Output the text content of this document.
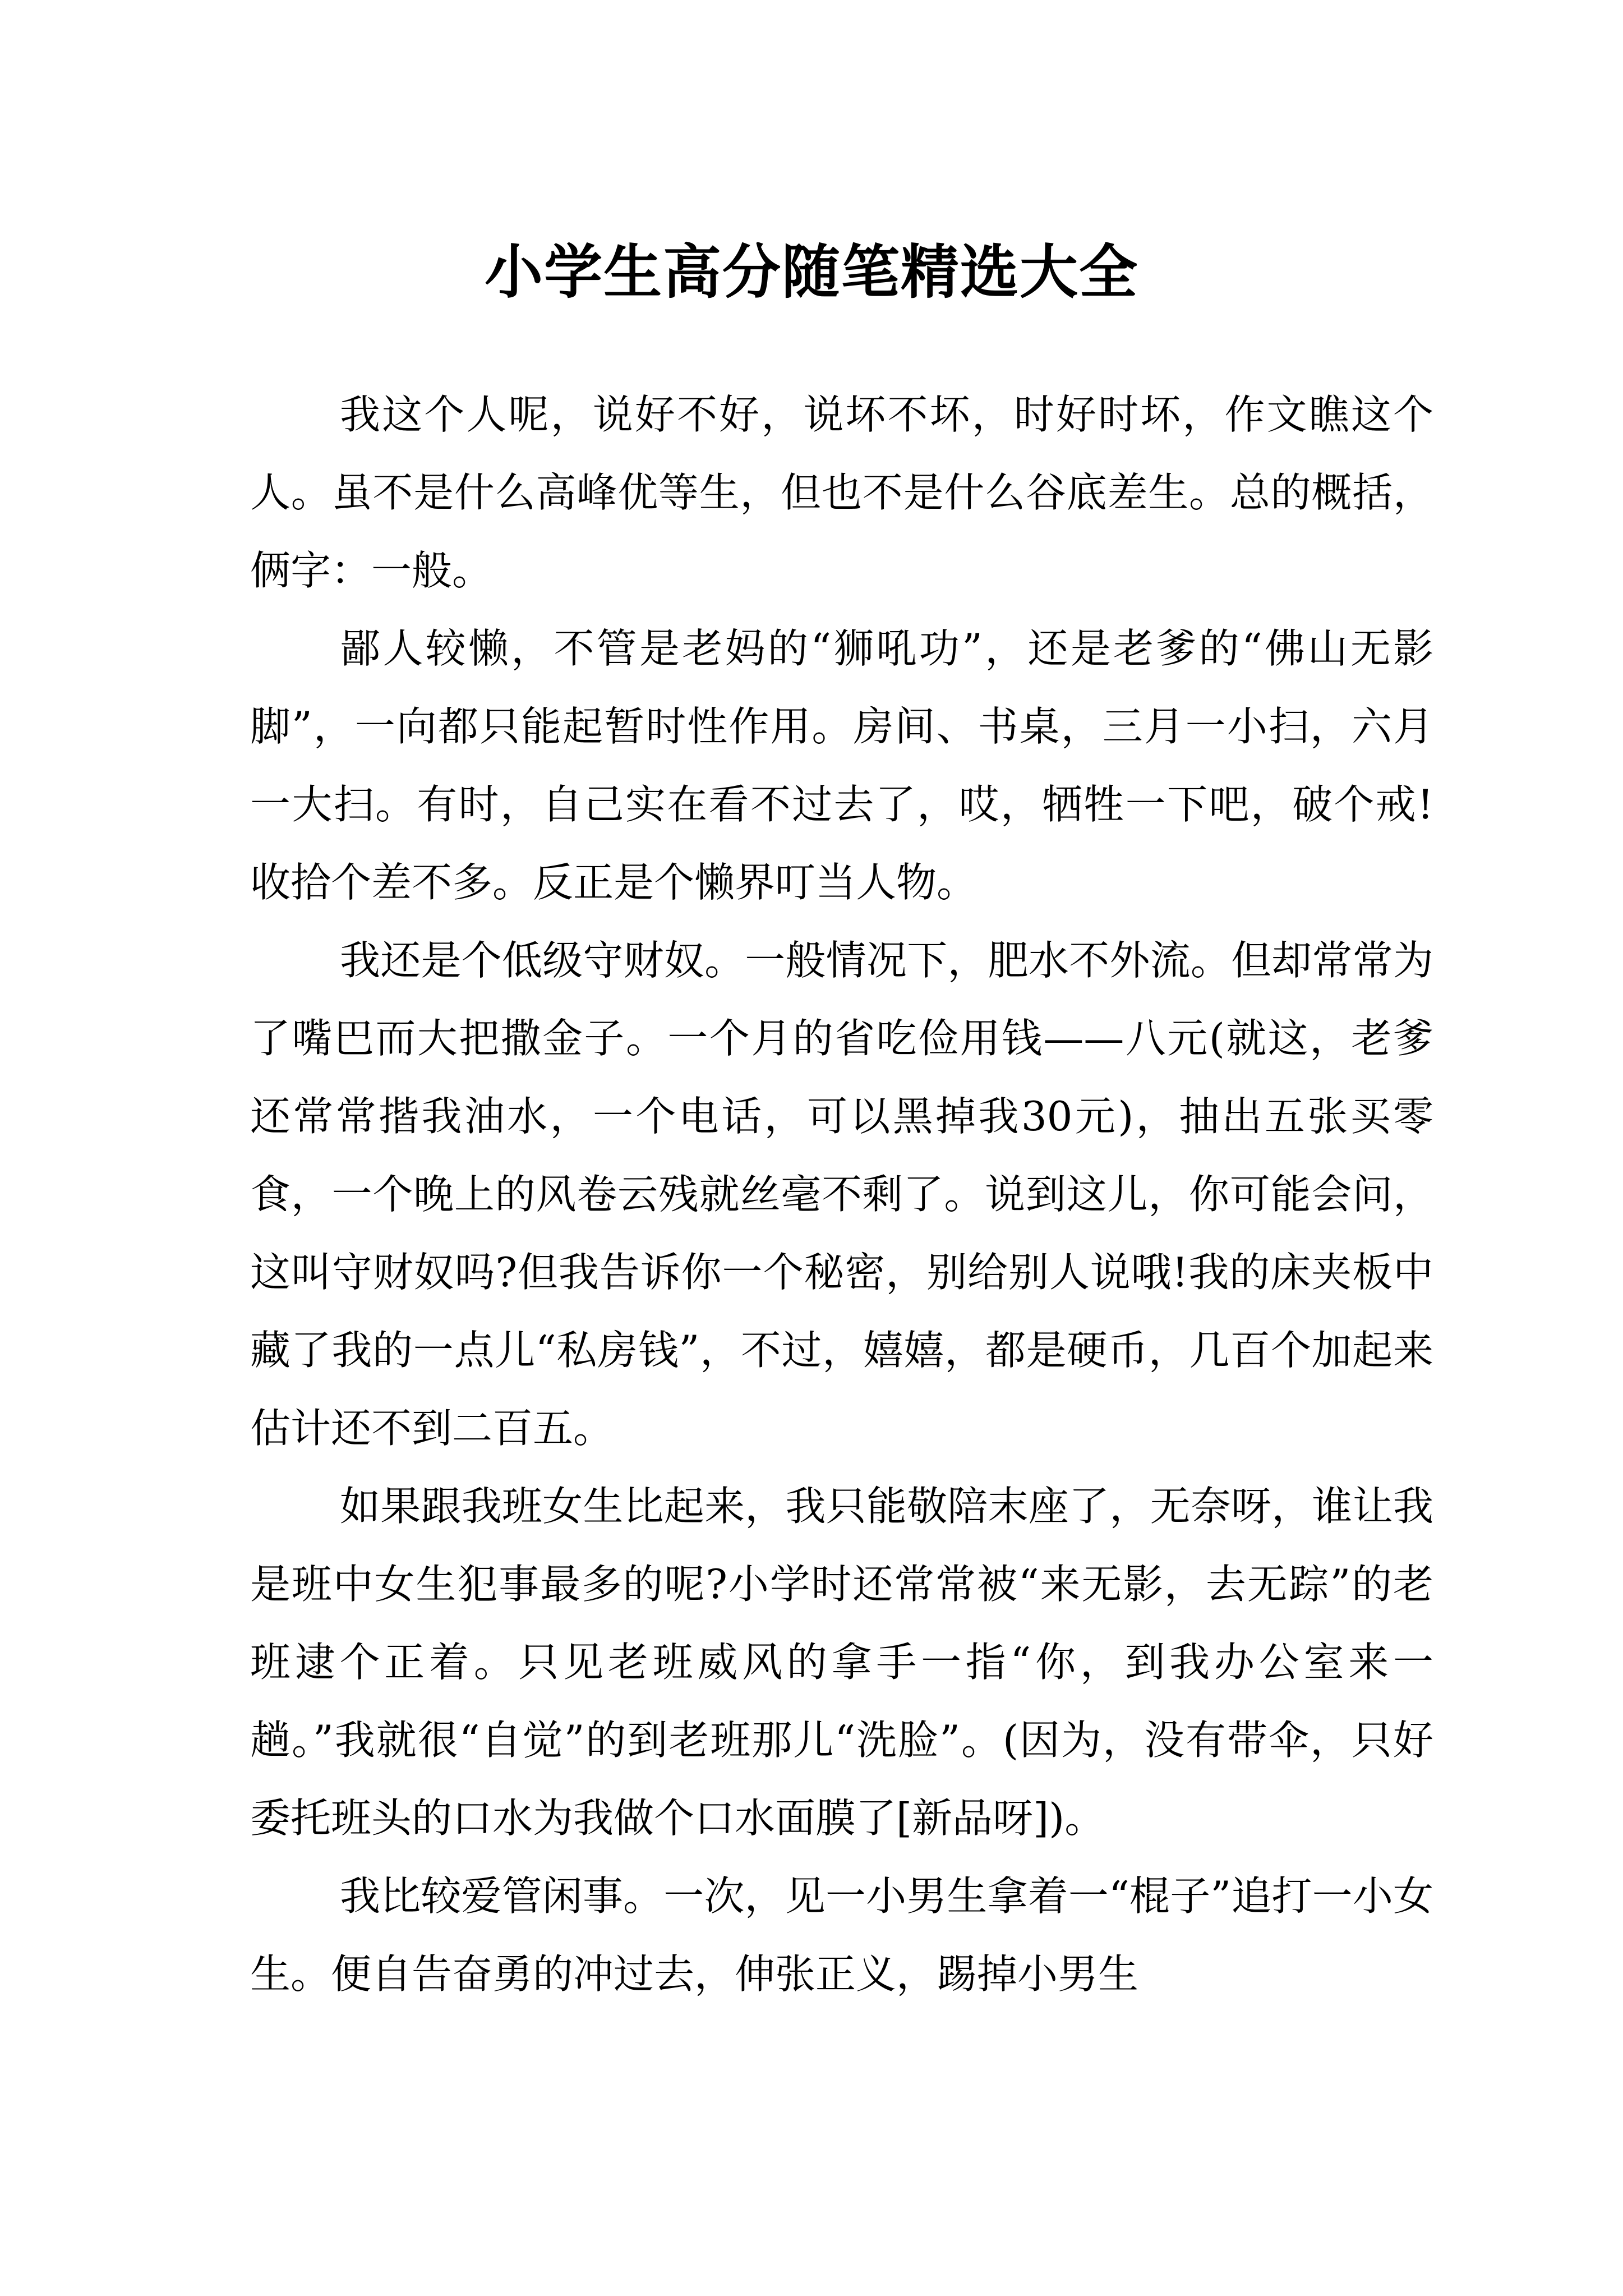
小学生高分随笔精选大全

我这个人呢，说好不好，说坏不坏，时好时坏，作文瞧这个人。虽不是什么高峰优等生，但也不是什么谷底差生。总的概括，俩字：一般。

鄙人较懒，不管是老妈的“狮吼功”，还是老爹的“佛山无影脚”，一向都只能起暂时性作用。房间、书桌，三月一小扫，六月一大扫。有时，自己实在看不过去了，哎，牺牲一下吧，破个戒!收拾个差不多。反正是个懒界叮当人物。

我还是个低级守财奴。一般情况下，肥水不外流。但却常常为了嘴巴而大把撒金子。一个月的省吃俭用钱——八元(就这，老爹还常常揩我油水，一个电话，可以黑掉我30元)，抽出五张买零食，一个晚上的风卷云残就丝毫不剩了。说到这儿，你可能会问，这叫守财奴吗?但我告诉你一个秘密，别给别人说哦!我的床夹板中藏了我的一点儿“私房钱”，不过，嬉嬉，都是硬币，几百个加起来估计还不到二百五。

如果跟我班女生比起来，我只能敬陪末座了，无奈呀，谁让我是班中女生犯事最多的呢?小学时还常常被“来无影，去无踪”的老班逮个正着。只见老班威风的拿手一指“你，到我办公室来一趟。”我就很“自觉”的到老班那儿“洗脸”。(因为，没有带伞，只好委托班头的口水为我做个口水面膜了[新品呀])。

我比较爱管闲事。一次，见一小男生拿着一“棍子”追打一小女生。便自告奋勇的冲过去，伸张正义，踢掉小男生
